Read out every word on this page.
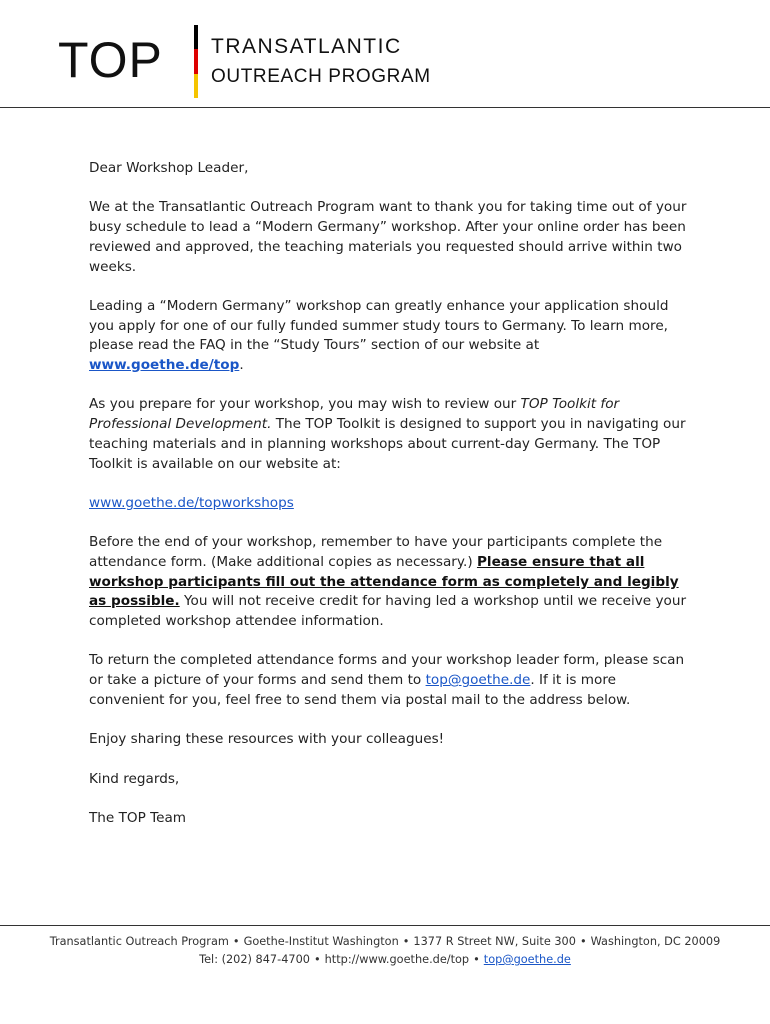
TOP TRANSATLANTIC
OUTREACH PROGRAM

Dear Workshop Leader,

We at the Transatlantic Outreach Program want to thank you for taking time out of your busy schedule to lead a “Modern Germany” workshop. After your online order has been reviewed and approved, the teaching materials you requested should arrive within two weeks.

Leading a “Modern Germany” workshop can greatly enhance your application should you apply for one of our fully funded summer study tours to Germany. To learn more, please read the FAQ in the “Study Tours” section of our website at www.goethe.de/top.

As you prepare for your workshop, you may wish to review our TOP Toolkit for Professional Development. The TOP Toolkit is designed to support you in navigating our teaching materials and in planning workshops about current-day Germany. The TOP Toolkit is available on our website at:

www.goethe.de/topworkshops

Before the end of your workshop, remember to have your participants complete the attendance form. (Make additional copies as necessary.) Please ensure that all workshop participants fill out the attendance form as completely and legibly as possible. You will not receive credit for having led a workshop until we receive your completed workshop attendee information.

To return the completed attendance forms and your workshop leader form, please scan or take a picture of your forms and send them to top@goethe.de. If it is more convenient for you, feel free to send them via postal mail to the address below.

Enjoy sharing these resources with your colleagues!

Kind regards,

The TOP Team

Transatlantic Outreach Program • Goethe-Institut Washington • 1377 R Street NW, Suite 300 • Washington, DC 20009
Tel: (202) 847-4700 • http://www.goethe.de/top • top@goethe.de
